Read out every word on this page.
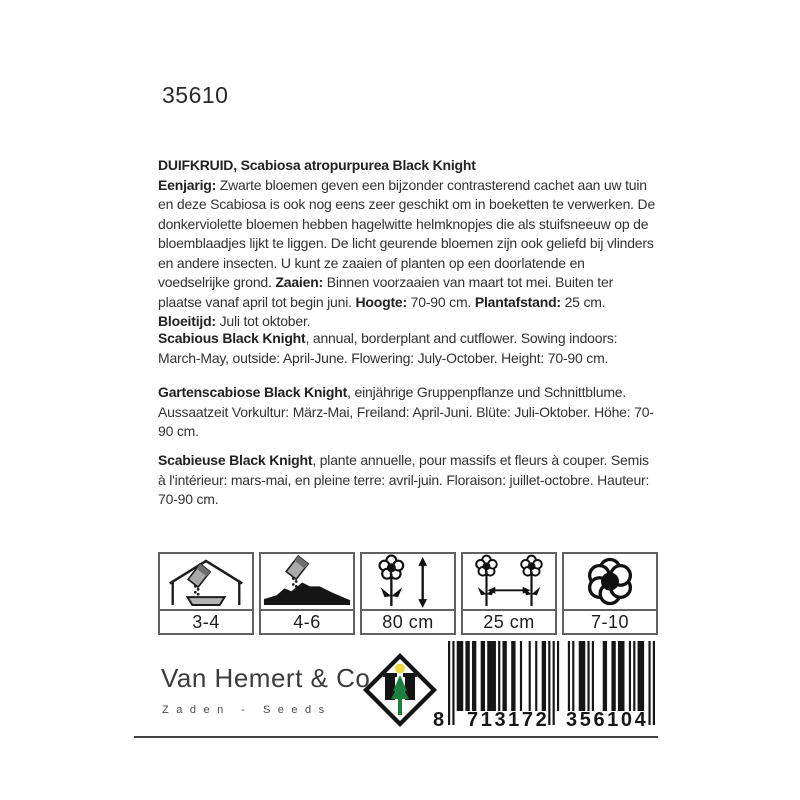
35610

DUIFKRUID, Scabiosa atropurpurea Black Knight
Eenjarig: Zwarte bloemen geven een bijzonder contrasterend cachet aan uw tuin en deze Scabiosa is ook nog eens zeer geschikt om in boeketten te verwerken. De donkerviolette bloemen hebben hagelwitte helmknopjes die als stuifsneeuw op de bloemblaadjes lijkt te liggen. De licht geurende bloemen zijn ook geliefd bij vlinders en andere insecten. U kunt ze zaaien of planten op een doorlatende en voedselrijke grond. Zaaien: Binnen voorzaaien van maart tot mei. Buiten ter plaatse vanaf april tot begin juni. Hoogte: 70-90 cm. Plantafstand: 25 cm. Bloeitijd: Juli tot oktober.

Scabious Black Knight, annual, borderplant and cutflower. Sowing indoors: March-May, outside: April-June. Flowering: July-October. Height: 70-90 cm.

Gartenscabiose Black Knight, einjährige Gruppenpflanze und Schnittblume. Aussaatzeit Vorkultur: März-Mai, Freiland: April-Juni. Blüte: Juli-Oktober. Höhe: 70-90 cm.

Scabieuse Black Knight, plante annuelle, pour massifs et fleurs à couper. Semis à l'intérieur: mars-mai, en pleine terre: avril-juin. Floraison: juillet-octobre. Hauteur: 70-90 cm.

3-4	4-6	80 cm	25 cm	7-10
Van Hemert & Co
Zaden - Seeds	8 713172 356104
